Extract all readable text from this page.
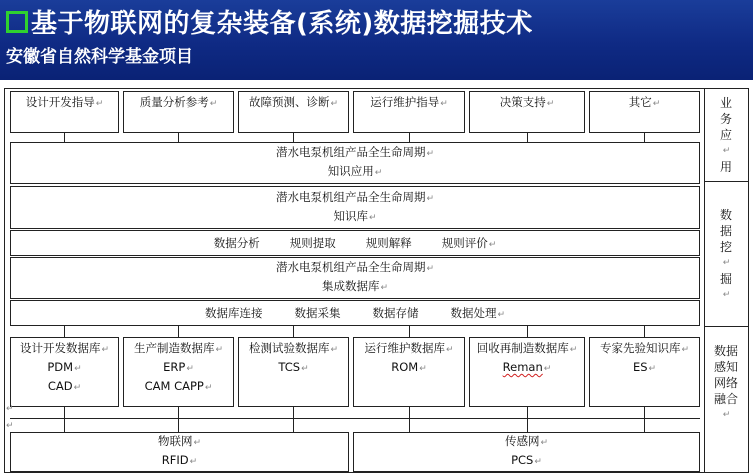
基于物联网的复杂装备(系统)数据挖掘技术
安徽省自然科学基金项目
设计开发指导↵	质量分析参考↵	故障预测、诊断↵	运行维护指导↵	决策支持↵	其它↵
潜水电泵机组产品全生命周期↵
知识应用↵
潜水电泵机组产品全生命周期↵
知识库↵
数据分析	规则提取	规则解释	规则评价↵
潜水电泵机组产品全生命周期↵
集成数据库↵
数据库连接	数据采集	数据存储	数据处理↵
设计开发数据库↵
PDM↵
CAD↵
生产制造数据库↵
ERP↵
CAM CAPP↵
检测试验数据库↵
TCS↵
运行维护数据库↵
ROM↵
回收再制造数据库↵
Reman↵
专家先验知识库↵
ES↵
↵
↵
物联网↵
RFID↵
传感网↵
PCS↵
业
务
应
↵
用
数
据
挖
↵
掘
↵
数据
感知
网络
融合
↵
